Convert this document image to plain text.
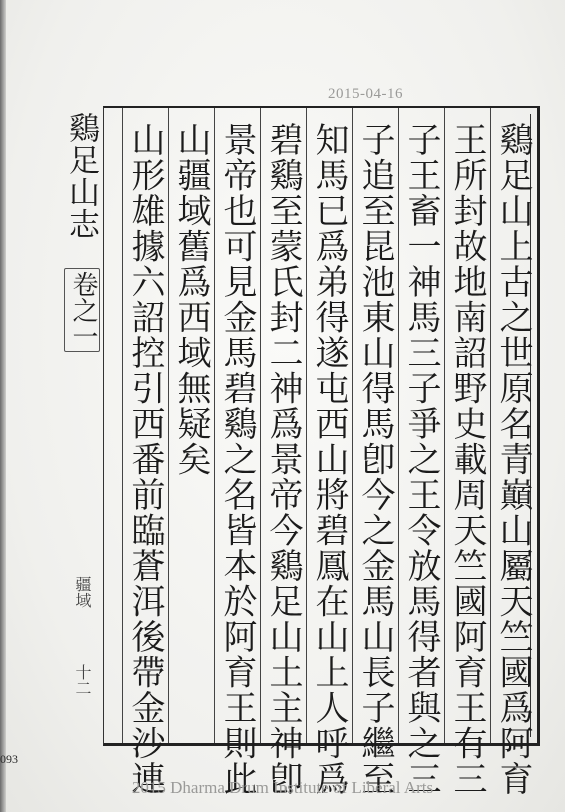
2015-04-16
鷄足山志
卷之一
疆域
十二	鷄足山上古之世原名青巔山屬天竺國爲阿育
王所封故地南詔野史載周天竺國阿育王有三
子王畜一神馬三子爭之王令放馬得者與之三
子追至昆池東山得馬卽今之金馬山長子繼至
知馬已爲弟得遂屯西山將碧鳳在山上人呼爲
碧鷄至蒙氏封二神爲景帝今鷄足山土主神卽
景帝也可見金馬碧鷄之名皆本於阿育王則此
山疆域舊爲西域無疑矣
山形雄據六詔控引西番前臨蒼洱後帶金沙連
093
2015 Dharma Drum Institute of Liberal Arts
